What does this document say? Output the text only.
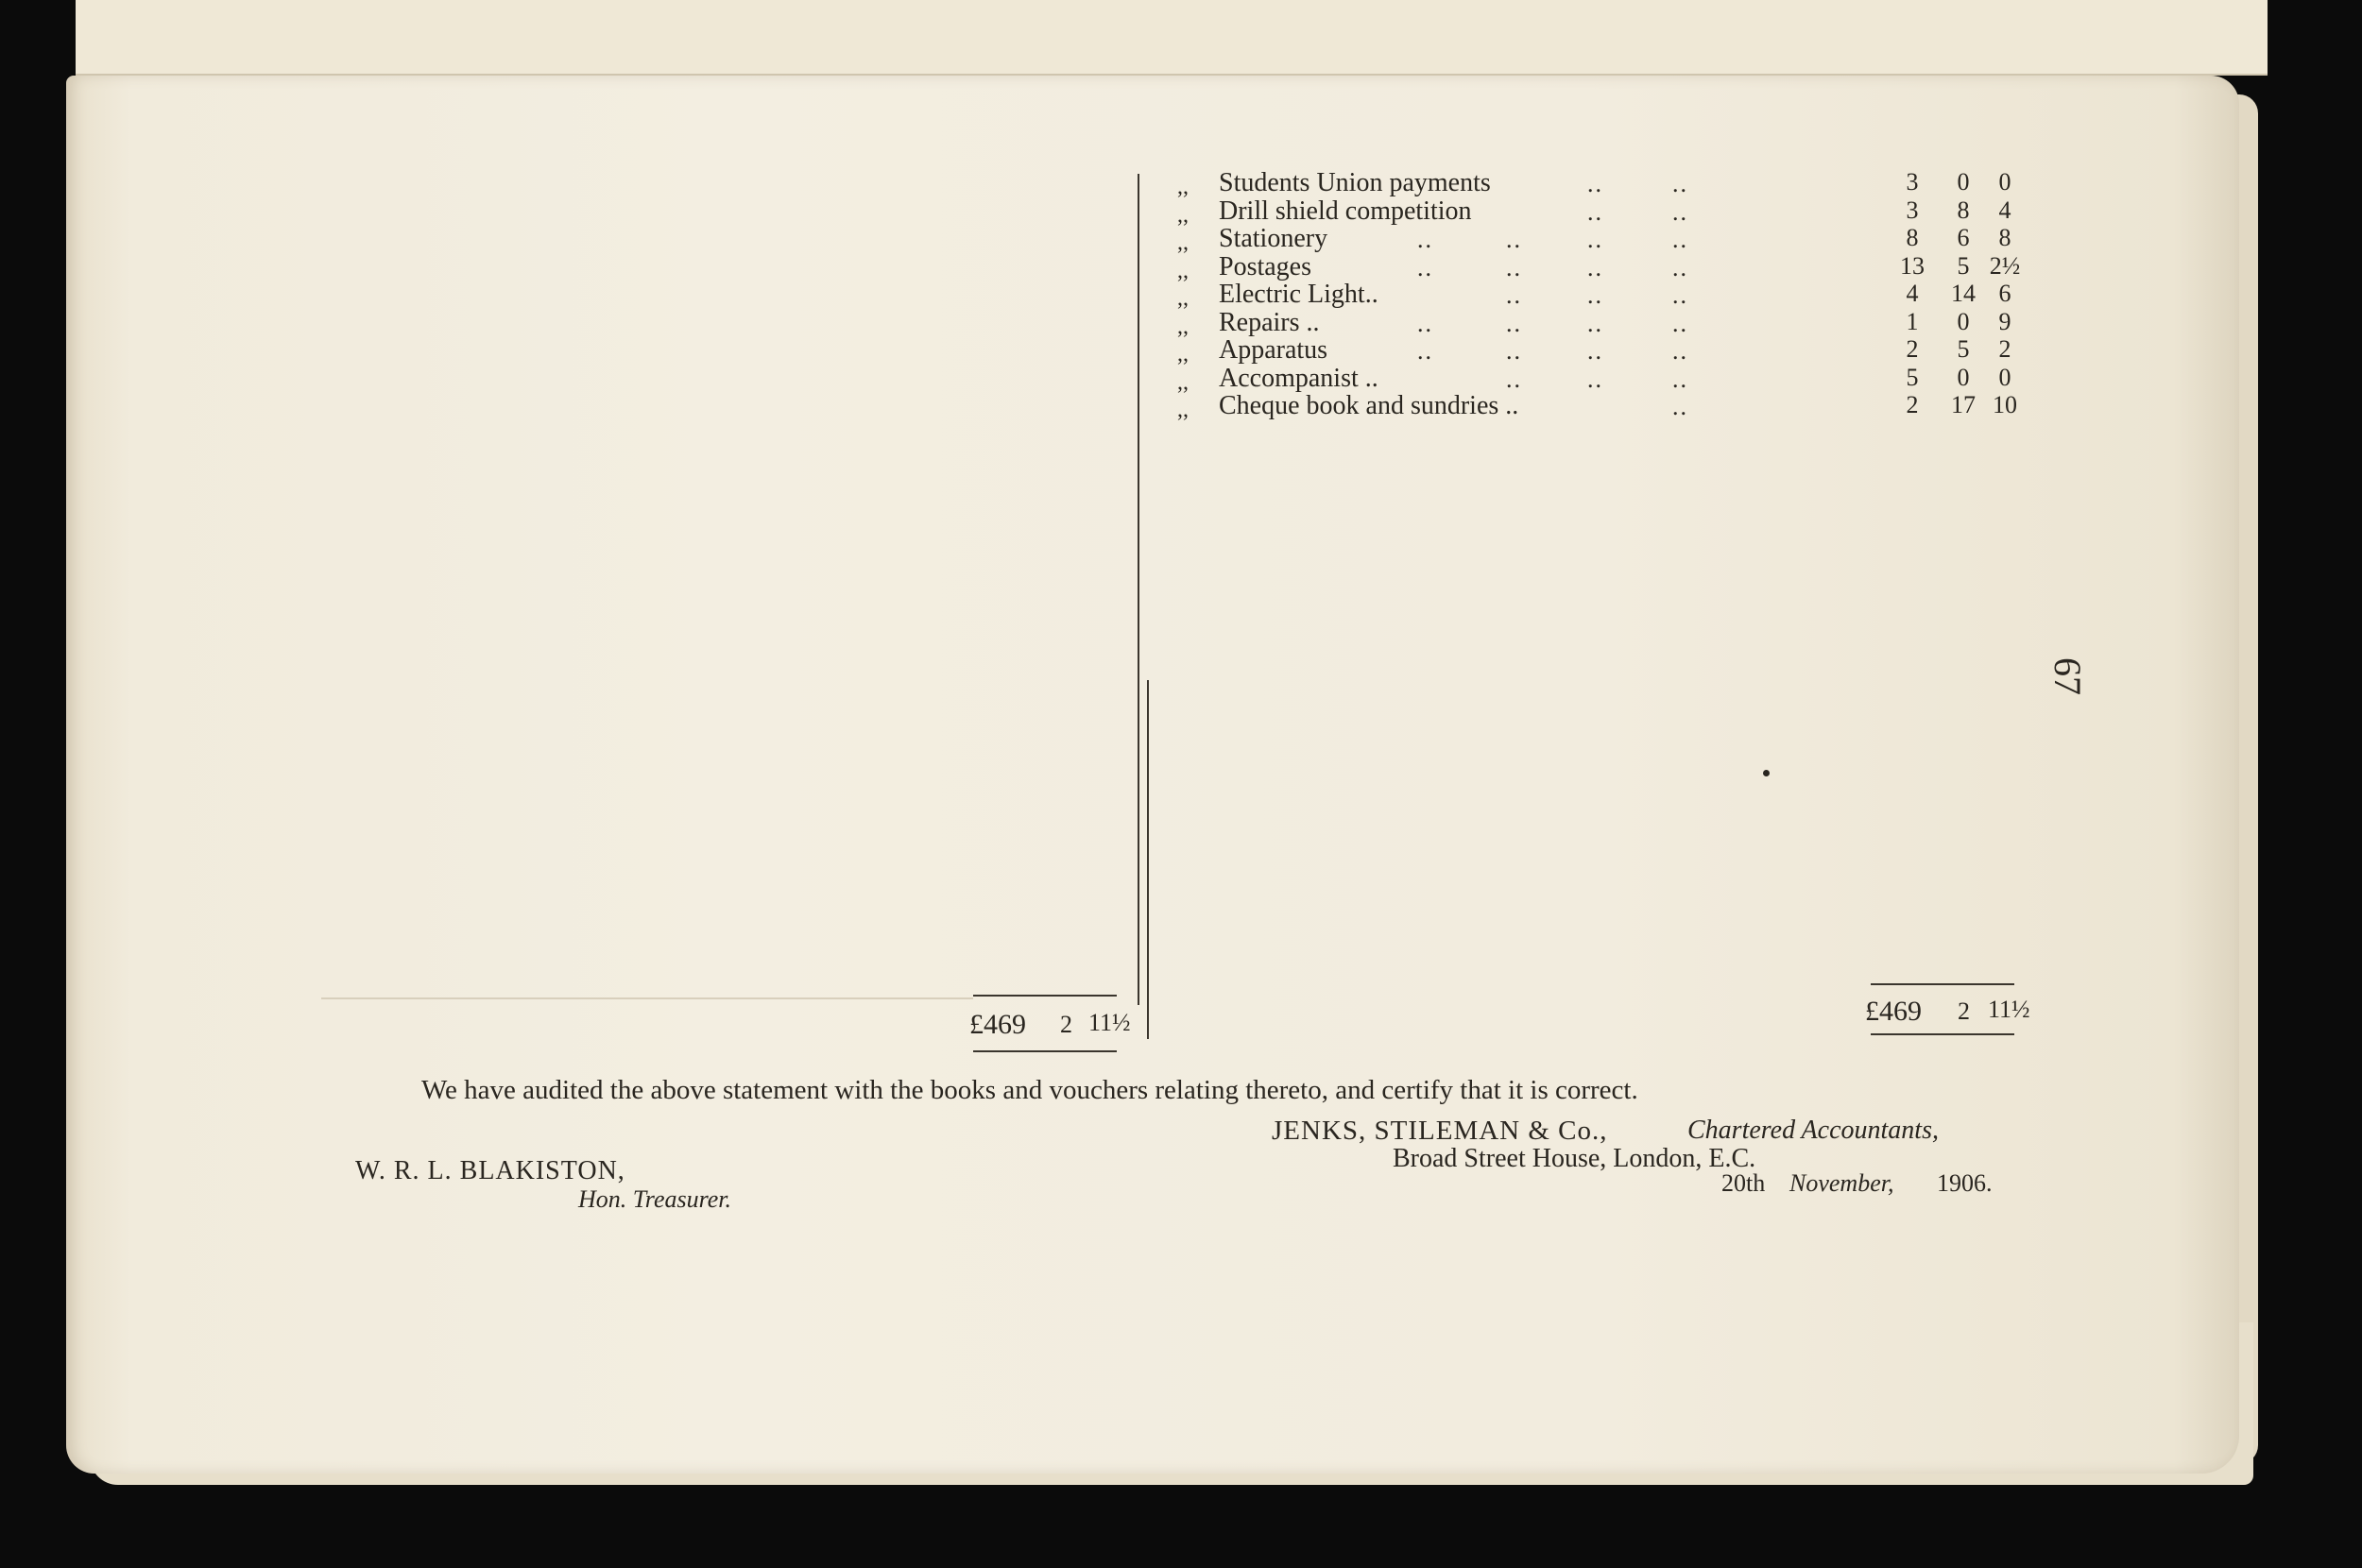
,, Students Union payments	..	..	3	0	0
,, Drill shield competition	..	..	3	8	4
,, Stationery	..	..	..	..	8	6	8
,, Postages	..	..	..	..	13	5 2½
,, Electric Light..	..	..	..	4	14 6
,, Repairs ..	..	..	..	..	1	0	9
,, Apparatus	..	..	..	..	2	5	2
,, Accompanist ..	..	..	..	5	0	0
,, Cheque book and sundries ..	..	2	17 10
67
£469 2 11½	£469 2 11½
We have audited the above statement with the books and vouchers relating thereto, and certify that it is correct.
JENKS, STILEMAN & Co.,	Chartered Accountants,
Broad Street House, London, E.C.
20th November, 1906.
W. R. L. BLAKISTON,
Hon. Treasurer.
